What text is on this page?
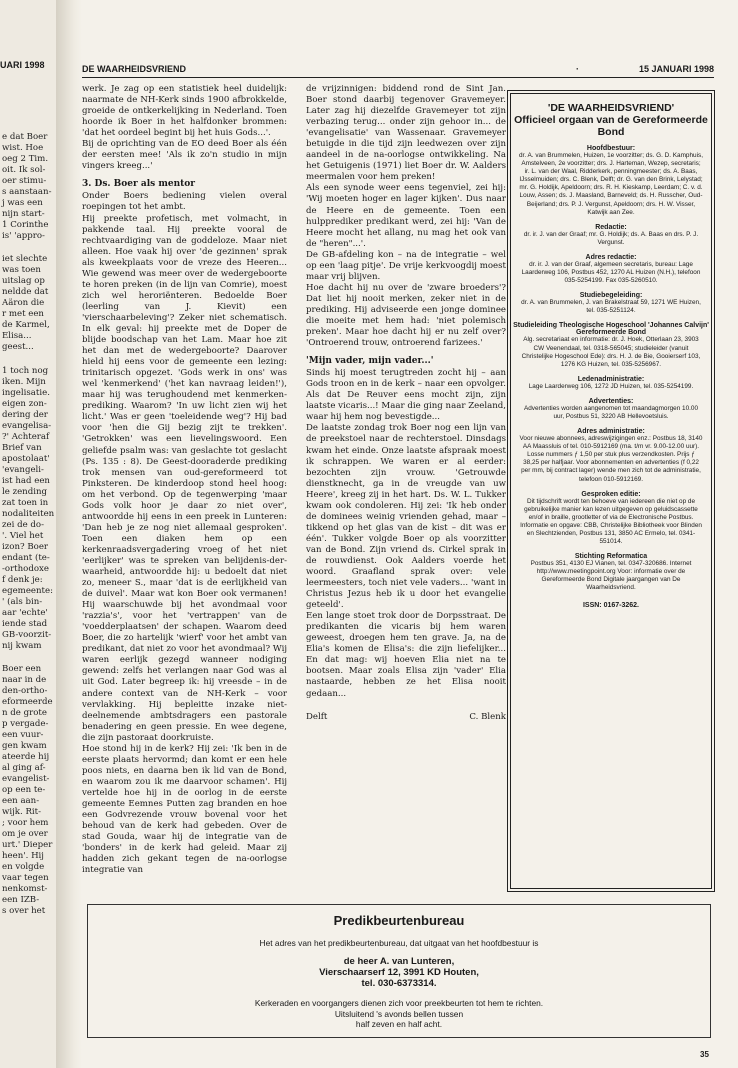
UARI 1998
e dat Boer
wist. Hoe
oeg 2 Tim.
oit. Ik sol-
oer stimu-
s aanstaan-
j was een
nijn start-
1 Corinthe
is' 'appro-
iet slechte
was toen
uitslag op
neldde dat
Aäron die
r met een
de Karmel,
Elisa...
geest...
1 toch nog
iken. Mijn
ingelisatie.
eigen zon-
dering der
evangelisa-
?' Achteraf
Brief van
apostolaat'
'evangeli-
ist had een
le zending
zat toen in
nodaliteiten
zei de do-
'. Viel het
izon? Boer
endant (te-
-orthodoxe
f denk je:
egemeente:
' (als bin-
aar 'echte'
iende stad
GB-voorzit-
nij kwam
Boer een
naar in de
den-ortho-
eformeerde
n de grote
p vergade-
een vuur-
gen kwam
ateerde hij
al ging af-
evangelist-
op een te-
een aan-
wijk. Rit-
; voor hem
om je over
urt.' Dieper
heen'. Hij
en volgde
vaar tegen
nenkomst-
een IZB-
s over het
DE WAARHEIDSVRIEND	·	15 JANUARI 1998

werk. Je zag op een statistiek heel duidelijk: naarmate de NH-Kerk sinds 1900 afbrokkelde, groeide de ontkerkelijking in Nederland. Toen hoorde ik Boer in het halfdonker brommen: 'dat het oordeel begint bij het huis Gods...'.

Bij de oprichting van de EO deed Boer als één der eersten mee! 'Als ik zo'n studio in mijn vingers kreeg...'

3. Ds. Boer als mentor

Onder Boers bediening vielen overal roepingen tot het ambt.

Hij preekte profetisch, met volmacht, in pakkende taal. Hij preekte vooral de rechtvaardiging van de goddeloze. Maar niet alleen. Hoe vaak hij over 'de gezinnen' sprak als kweekplaats voor de vreze des Heeren... Wie gewend was meer over de wedergeboorte te horen preken (in de lijn van Comrie), moest zich wel heroriënteren. Bedoelde Boer (leerling van J. Kievit) een 'vierschaarbeleving'? Zeker niet schematisch. In elk geval: hij preekte met de Doper de blijde boodschap van het Lam. Maar hoe zit het dan met de wedergeboorte? Daarover hield hij eens voor de gemeente een lezing: trinitarisch opgezet. 'Gods werk in ons' was wel 'kenmerkend' ('het kan navraag leiden!'), maar hij was terughoudend met kenmerken-prediking. Waarom? 'In uw licht zien wij het licht.' Was er geen 'toeleidende weg'? Hij bad voor 'hen die Gij bezig zijt te trekken'. 'Getrokken' was een lievelingswoord. Een geliefde psalm was: van geslachte tot geslacht (Ps. 135 : 8). De Geest-dooraderde prediking trok mensen van oud-gereformeerd tot Pinksteren. De kinderdoop stond heel hoog: om het verbond. Op de tegenwerping 'maar Gods volk hoor je daar zo niet over', antwoordde hij eens in een preek in Lunteren: 'Dan heb je ze nog niet allemaal gesproken'. Toen een diaken hem op een kerkenraadsvergadering vroeg of het niet 'eerlijker' was te spreken van belijdenis-der-waarheid, antwoordde hij: u bedoelt dat niet zo, meneer S., maar 'dat is de eerlijkheid van de duivel'. Maar wat kon Boer ook vermanen! Hij waarschuwde bij het avondmaal voor 'razzia's', voor het 'vertrappen' van de 'voedderplaatsen' der schapen. Waarom deed Boer, die zo hartelijk 'wierf' voor het ambt van predikant, dat niet zo voor het avondmaal? Wij waren eerlijk gezegd wanneer nodiging gewend: zelfs het verlangen naar God was al uit God. Later begreep ik: hij vreesde – in de andere context van de NH-Kerk – voor vervlakking. Hij bepleitte inzake niet-deelnemende ambtsdragers een pastorale benadering en geen pressie. En wee degene, die zijn pastoraat doorkruiste.

Hoe stond hij in de kerk? Hij zei: 'Ik ben in de eerste plaats hervormd; dan komt er een hele poos niets, en daarna ben ik lid van de Bond, en waarom zou ik me daarvoor schamen'. Hij vertelde hoe hij in de oorlog in de eerste gemeente Eemnes Putten zag branden en hoe een Godvrezende vrouw bovenal voor het behoud van de kerk had gebeden. Over de stad Gouda, waar hij de integratie van de 'bonders' in de kerk had geleid. Maar zij hadden zich gekant tegen de na-oorlogse integratie van

de vrijzinnigen: biddend rond de Sint Jan. Boer stond daarbij tegenover Gravemeyer. Later zag hij diezelfde Gravemeyer tot zijn verbazing terug... onder zijn gehoor in... de 'evangelisatie' van Wassenaar. Gravemeyer betuigde in die tijd zijn leedwezen over zijn aandeel in de na-oorlogse ontwikkeling. Na het Getuigenis (1971) liet Boer dr. W. Aalders meermalen voor hem preken!

Als een synode weer eens tegenviel, zei hij: 'Wij moeten hoger en lager kijken'. Dus naar de Heere en de gemeente. Toen een hulpprediker predikant werd, zei hij: 'Van de Heere mocht het allang, nu mag het ook van de "heren"...'.

De GB-afdeling kon – na de integratie – wel op een 'laag pitje'. De vrije kerkvoogdij moest maar vrij blijven.

Hoe dacht hij nu over de 'zware broeders'? Dat liet hij nooit merken, zeker niet in de prediking. Hij adviseerde een jonge dominee die moeite met hem had: 'niet polemisch preken'. Maar hoe dacht hij er nu zelf over? 'Ontroerend trouw, ontroerend farizees.'

'Mijn vader, mijn vader...'

Sinds hij moest terugtreden zocht hij – aan Gods troon en in de kerk – naar een opvolger. Als dat De Reuver eens mocht zijn, zijn laatste vicaris...! Maar die ging naar Zeeland, waar hij hem nog bevestigde...

De laatste zondag trok Boer nog een lijn van de preekstoel naar de rechterstoel. Dinsdags kwam het einde. Onze laatste afspraak moest ik schrappen. We waren er al eerder: bezochten zijn vrouw. 'Getrouwde dienstknecht, ga in de vreugde van uw Heere', kreeg zij in het hart. Ds. W. L. Tukker kwam ook condoleren. Hij zei: 'Ik heb onder de dominees weinig vrienden gehad, maar – tikkend op het glas van de kist – dit was er één'. Tukker volgde Boer op als voorzitter van de Bond. Zijn vriend ds. Cirkel sprak in de rouwdienst. Ook Aalders voerde het woord. Graafland sprak over: vele leermeesters, toch niet vele vaders... 'want in Christus Jezus heb ik u door het evangelie geteeld'.

Een lange stoet trok door de Dorpsstraat. De predikanten die vicaris bij hem waren geweest, droegen hem ten grave. Ja, na de Elia's komen de Elisa's: die zijn liefelijker... En dat mag: wij hoeven Elia niet na te bootsen. Maar zoals Elisa zijn 'vader' Elia nastaarde, hebben ze het Elisa nooit gedaan...

Delft	C. Blenk
'DE WAARHEIDSVRIEND'
Officieel orgaan van de Gereformeerde Bond
Hoofdbestuur:
dr. A. van Brummelen, Huizen, 1e voorzitter; ds. G. D. Kamphuis, Amstelveen, 2e voorzitter; drs. J. Harteman, Wezep, secretaris; ir. L. van der Waal, Ridderkerk, penningmeester; ds. A. Baas, IJsselmuiden; drs. C. Blenk, Delft; dr. G. van den Brink, Lelystad; mr. G. Holdijk, Apeldoorn; drs. R. H. Kieskamp, Leerdam; C. v. d. Louw, Assen; ds. J. Maasland, Barneveld; ds. H. Russcher, Oud-Beijerland; drs. P. J. Vergunst, Apeldoorn; drs. H. W. Visser, Katwijk aan Zee.
Redactie:
dr. ir. J. van der Graaf; mr. G. Holdijk; ds. A. Baas en drs. P. J. Vergunst.
Adres redactie:
dr. ir. J. van der Graaf, algemeen secretaris, bureau: Lage Laarderweg 106, Postbus 452, 1270 AL Huizen (N.H.), telefoon 035-5254199. Fax 035-5260510.
Studiebegeleiding:
dr. A. van Brummelen, J. van Brakelstraat 59, 1271 WE Huizen, tel. 035-5251124.
Studieleiding Theologische Hogeschool 'Johannes Calvijn' Gereformeerde Bond
Alg. secretariaat en informatie: dr. J. Hoek, Otterlaan 23, 3903 CW Veenendaal, tel. 0318-565045; studieleider (vanuit Christelijke Hogeschool Ede): drs. H. J. de Bie, Gooierserf 103, 1276 KG Huizen, tel. 035-5256967.
Ledenadministratie:
Lage Laarderweg 106, 1272 JD Huizen, tel. 035-5254199.
Advertenties:
Advertenties worden aangenomen tot maandagmorgen 10.00 uur, Postbus 51, 3220 AB Hellevoetsluis.
Adres administratie:
Voor nieuwe abonnees, adreswijzigingen enz.: Postbus 18, 3140 AA Maassluis of tel. 010-5912169 (ma. t/m vr. 9.00-12.00 uur). Losse nummers ƒ 1,50 per stuk plus verzendkosten. Prijs ƒ 38,25 per halfjaar. Voor abonnementen en advertenties (f 0,22 per mm, bij contract lager) wende men zich tot de administratie, telefoon 010-5912169.
Gesproken editie:
Dit tijdschrift wordt ten behoeve van iedereen die niet op de gebruikelijke manier kan lezen uitgegeven op geluidscassette en/of in braille, grootletter of via de Electronische Postbus. Informatie en opgave: CBB, Christelijke Bibliotheek voor Blinden en Slechtzienden, Postbus 131, 3850 AC Ermelo, tel. 0341-551014.
Stichting Reformatica
Postbus 351, 4130 EJ Vianen, tel. 0347-320686. Internet http://www.meetingpoint.org Voor: informatie over de Gereformeerde Bond Digitale jaargangen van De Waarheidsvriend.
ISSN: 0167-3262.
Predikbeurtenbureau
Het adres van het predikbeurtenbureau, dat uitgaat van het hoofdbestuur is
de heer A. van Lunteren,
Vierschaarserf 12, 3991 KD Houten,
tel. 030-6373314.
Kerkeraden en voorgangers dienen zich voor preekbeurten tot hem te richten.
Uitsluitend 's avonds bellen tussen
half zeven en half acht.
35
